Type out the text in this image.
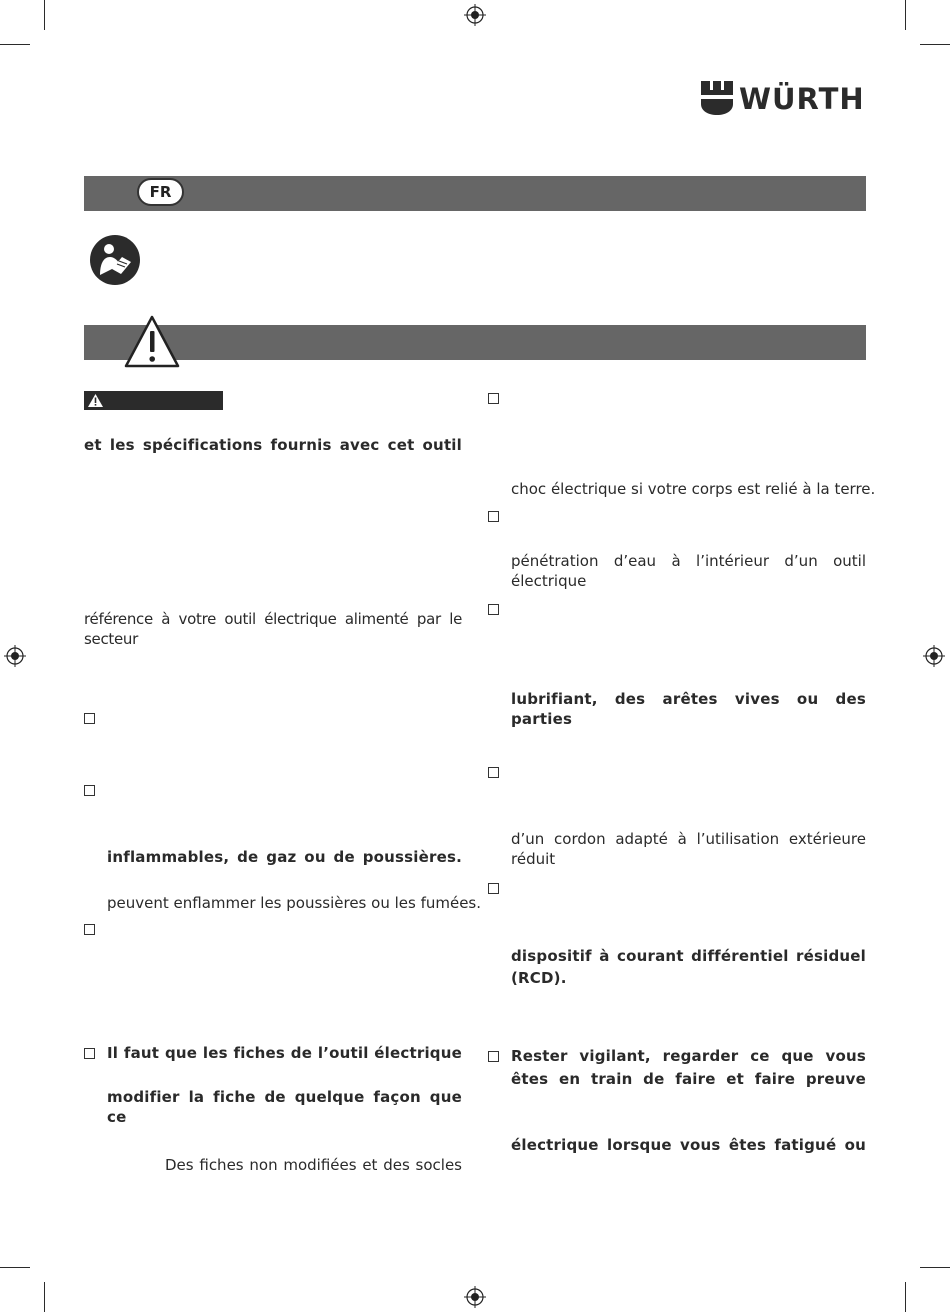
WÜRTH
FR
et les spécifications fournis avec cet outil
référence à votre outil électrique alimenté par le secteur
inflammables, de gaz ou de poussières.
peuvent enflammer les poussières ou les fumées.
Il faut que les fiches de l’outil électrique
modifier la fiche de quelque façon que ce
Des fiches non modifiées et des socles
choc électrique si votre corps est relié à la terre.
pénétration d’eau à l’intérieur d’un outil électrique
lubrifiant, des arêtes vives ou des parties
d’un cordon adapté à l’utilisation extérieure réduit
dispositif à courant différentiel résiduel
(RCD).
Rester vigilant, regarder ce que vous
êtes en train de faire et faire preuve
électrique lorsque vous êtes fatigué ou
